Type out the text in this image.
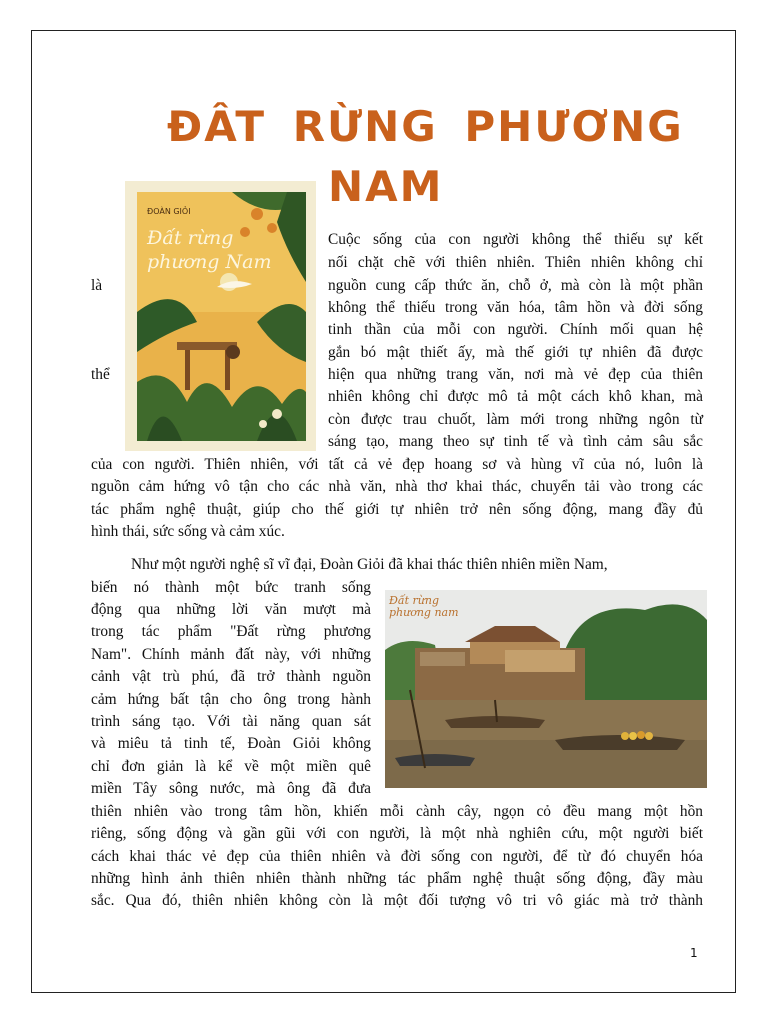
ĐÂT RỪNG PHƯƠNG
NAM
ĐOÀN GIỎI
Đất rừng
phương Nam
là
thể
Cuộc sống của con người không thể thiếu sự kết
nối chặt chẽ với thiên nhiên. Thiên nhiên không chỉ
nguồn cung cấp thức ăn, chỗ ở, mà còn là một phần
không thể thiếu trong văn hóa, tâm hồn và đời sống
tinh thần của mỗi con người. Chính mối quan hệ
gắn bó mật thiết ấy, mà thế giới tự nhiên đã được
hiện qua những trang văn, nơi mà vẻ đẹp của thiên
nhiên không chỉ được mô tả một cách khô khan, mà
còn được trau chuốt, làm mới trong những ngôn từ
sáng tạo, mang theo sự tinh tế và tình cảm sâu sắc
của con người. Thiên nhiên, với tất cả vẻ đẹp hoang sơ và hùng vĩ của nó, luôn là
nguồn cảm hứng vô tận cho các nhà văn, nhà thơ khai thác, chuyển tải vào trong các
tác phẩm nghệ thuật, giúp cho thế giới tự nhiên trở nên sống động, mang đầy đủ
hình thái, sức sống và cảm xúc.
Đất rừng
phương nam
Như một người nghệ sĩ vĩ đại, Đoàn Giỏi đã khai thác thiên nhiên miền Nam,
biến nó thành một bức tranh sống
động qua những lời văn mượt mà
trong tác phẩm "Đất rừng phương
Nam". Chính mảnh đất này, với những
cảnh vật trù phú, đã trở thành nguồn
cảm hứng bất tận cho ông trong hành
trình sáng tạo. Với tài năng quan sát
và miêu tả tinh tế, Đoàn Giỏi không
chỉ đơn giản là kể về một miền quê
miền Tây sông nước, mà ông đã đưa
thiên nhiên vào trong tâm hồn, khiến mỗi cành cây, ngọn cỏ đều mang một hồn
riêng, sống động và gần gũi với con người, là một nhà nghiên cứu, một người biết
cách khai thác vẻ đẹp của thiên nhiên và đời sống con người, để từ đó chuyển hóa
những hình ảnh thiên nhiên thành những tác phẩm nghệ thuật sống động, đầy màu
sắc. Qua đó, thiên nhiên không còn là một đối tượng vô tri vô giác mà trở thành
1
